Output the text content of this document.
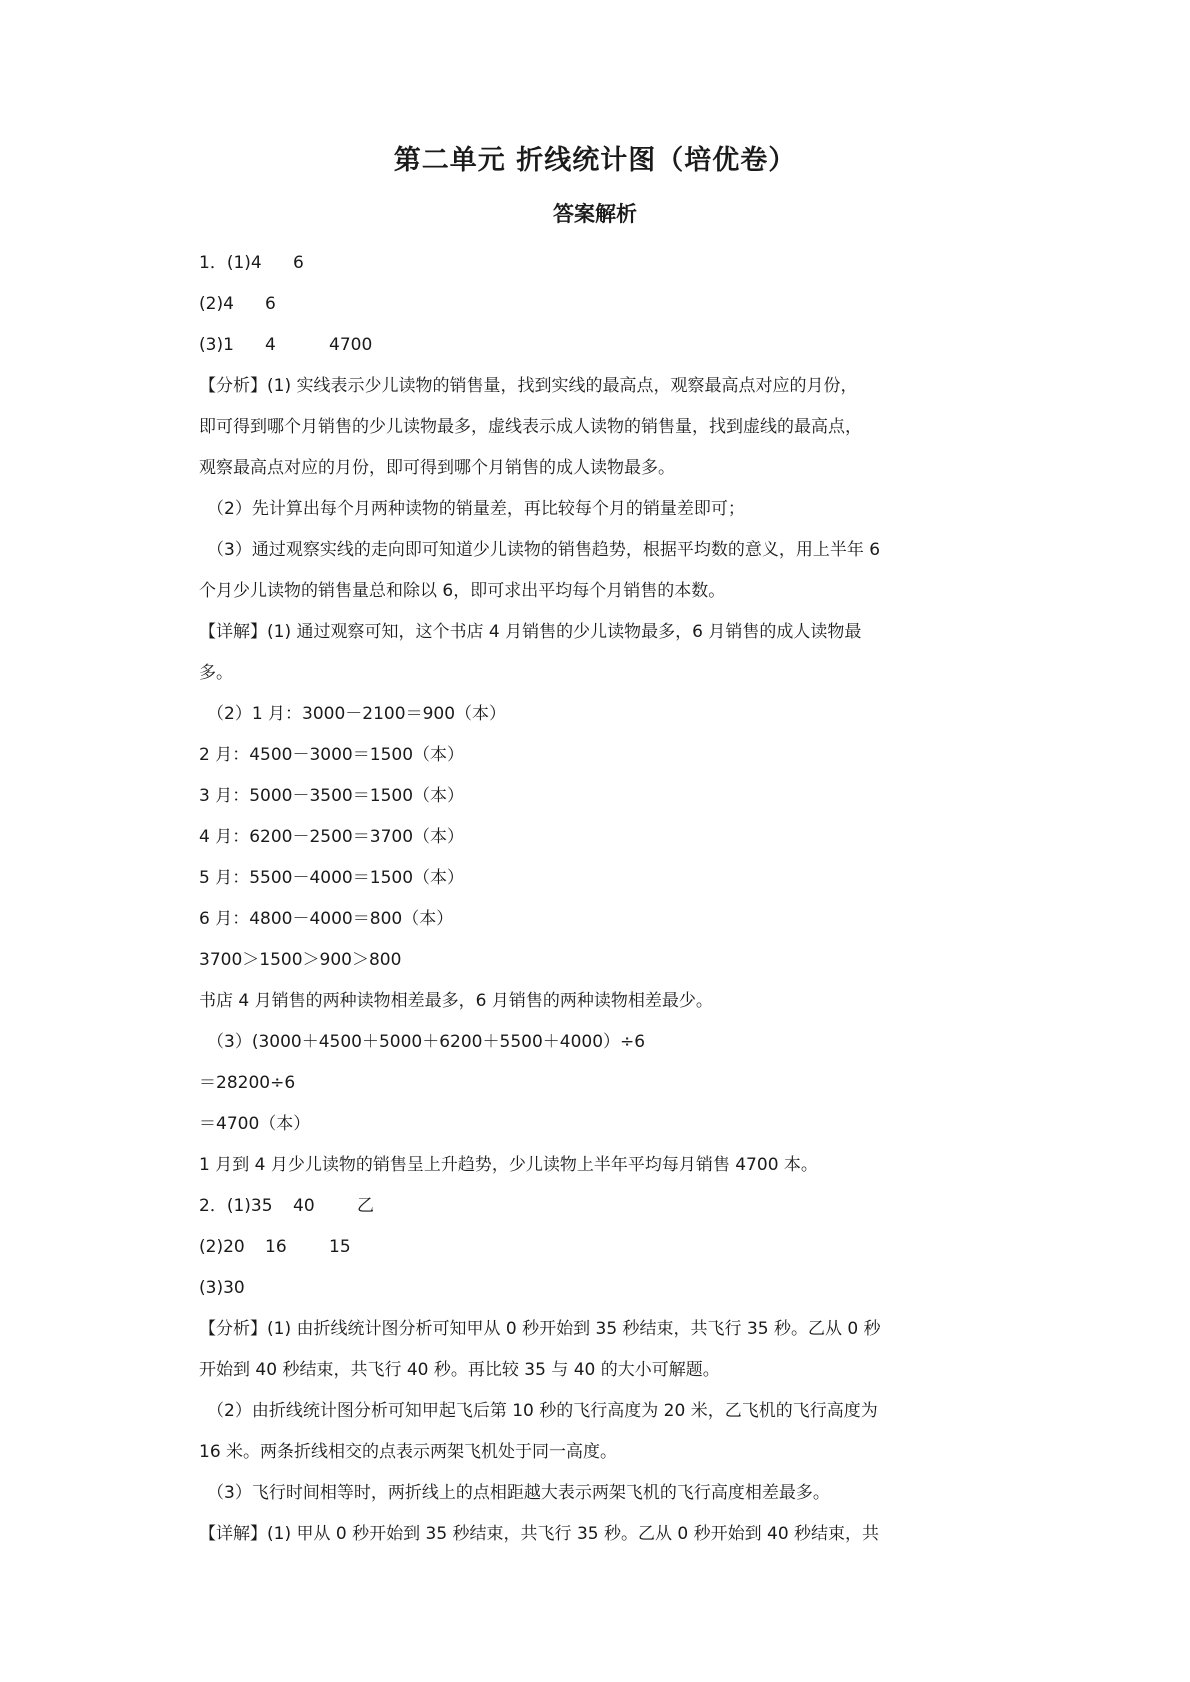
第二单元 折线统计图（培优卷）
答案解析
1．(1)4 6
(2)4 6
(3)1 4	4700
【分析】(1) 实线表示少儿读物的销售量，找到实线的最高点，观察最高点对应的月份，
即可得到哪个月销售的少儿读物最多，虚线表示成人读物的销售量，找到虚线的最高点，
观察最高点对应的月份，即可得到哪个月销售的成人读物最多。
（2）先计算出每个月两种读物的销量差，再比较每个月的销量差即可；
（3）通过观察实线的走向即可知道少儿读物的销售趋势，根据平均数的意义，用上半年 6
个月少儿读物的销售量总和除以 6，即可求出平均每个月销售的本数。
【详解】(1) 通过观察可知，这个书店 4 月销售的少儿读物最多，6 月销售的成人读物最
多。
（2）1 月：3000－2100＝900（本）
2 月：4500－3000＝1500（本）
3 月：5000－3500＝1500（本）
4 月：6200－2500＝3700（本）
5 月：5500－4000＝1500（本）
6 月：4800－4000＝800（本）
3700＞1500＞900＞800
书店 4 月销售的两种读物相差最多，6 月销售的两种读物相差最少。
（3）(3000＋4500＋5000＋6200＋5500＋4000）÷6
＝28200÷6
＝4700（本）
1 月到 4 月少儿读物的销售呈上升趋势，少儿读物上半年平均每月销售 4700 本。
2．(1)35 40 乙
(2)20 16 15
(3)30
【分析】(1) 由折线统计图分析可知甲从 0 秒开始到 35 秒结束，共飞行 35 秒。乙从 0 秒
开始到 40 秒结束，共飞行 40 秒。再比较 35 与 40 的大小可解题。
（2）由折线统计图分析可知甲起飞后第 10 秒的飞行高度为 20 米，乙飞机的飞行高度为
16 米。两条折线相交的点表示两架飞机处于同一高度。
（3）飞行时间相等时，两折线上的点相距越大表示两架飞机的飞行高度相差最多。
【详解】(1) 甲从 0 秒开始到 35 秒结束，共飞行 35 秒。乙从 0 秒开始到 40 秒结束，共
